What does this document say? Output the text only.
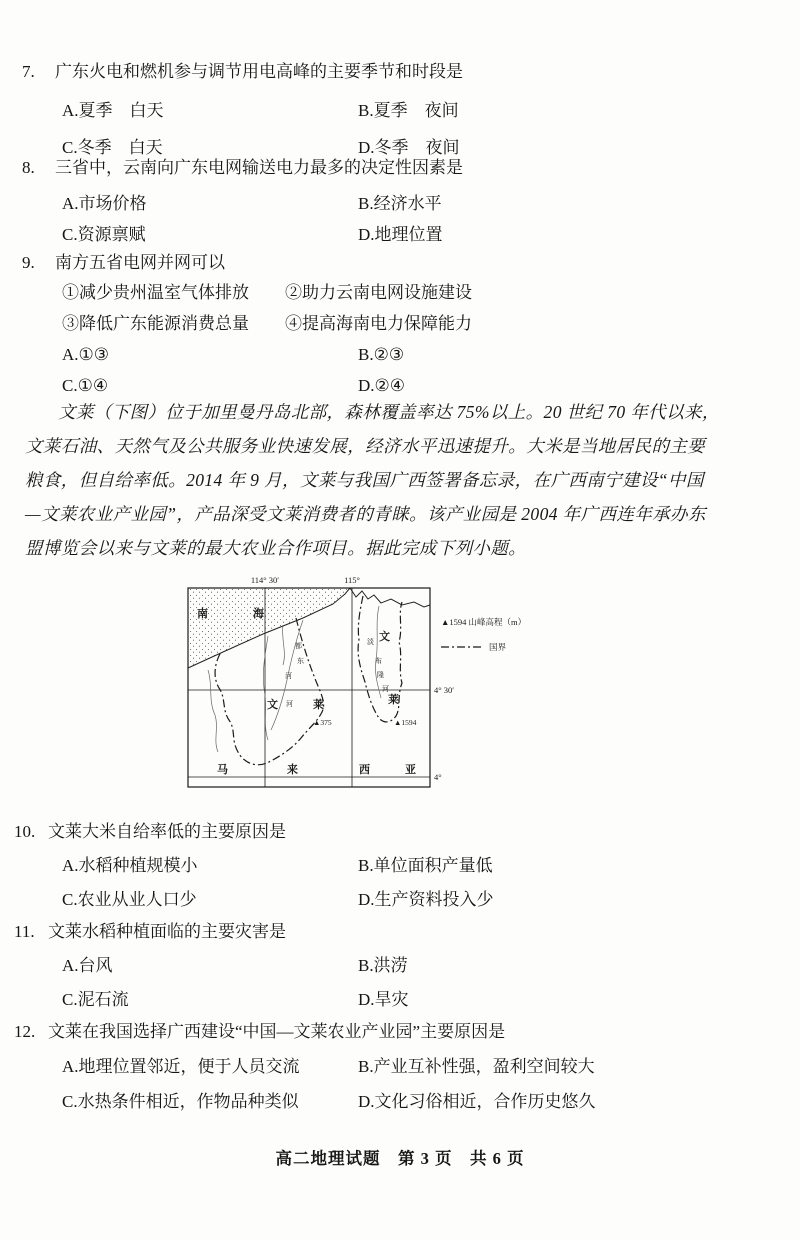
7. 广东火电和燃机参与调节用电高峰的主要季节和时段是
A.夏季　白天	B.夏季　夜间
C.冬季　白天	D.冬季　夜间
8. 三省中，云南向广东电网输送电力最多的决定性因素是
A.市场价格	B.经济水平
C.资源禀赋	D.地理位置
9. 南方五省电网并网可以
①减少贵州温室气体排放 ②助力云南电网设施建设
③降低广东能源消费总量 ④提高海南电力保障能力
A.①③	B.②③
C.①④	D.②④
文莱（下图）位于加里曼丹岛北部，森林覆盖率达 75%以上。20 世纪 70 年代以来，
文莱石油、天然气及公共服务业快速发展，经济水平迅速提升。大米是当地居民的主要
粮食，但自给率低。2014 年 9 月，文莱与我国广西签署备忘录，在广西南宁建设“中国
—文莱农业产业园”，产品深受文莱消费者的青睐。该产业园是 2004 年广西连年承办东
盟博览会以来与文莱的最大农业合作项目。据此完成下列小题。
南	海
文 河 莱
都
东
河
文
莱
淡
布
隆
河
▲375	▲1594
马	来	西	亚
114° 30′	115°
4° 30′
4°
▲1594 山峰高程（m）
国界
10. 文莱大米自给率低的主要原因是
A.水稻种植规模小	B.单位面积产量低
C.农业从业人口少	D.生产资料投入少
11. 文莱水稻种植面临的主要灾害是
A.台风	B.洪涝
C.泥石流	D.旱灾
12. 文莱在我国选择广西建设“中国—文莱农业产业园”主要原因是
A.地理位置邻近，便于人员交流	B.产业互补性强，盈利空间较大
C.水热条件相近，作物品种类似	D.文化习俗相近，合作历史悠久
高二地理试题　第 3 页　共 6 页
